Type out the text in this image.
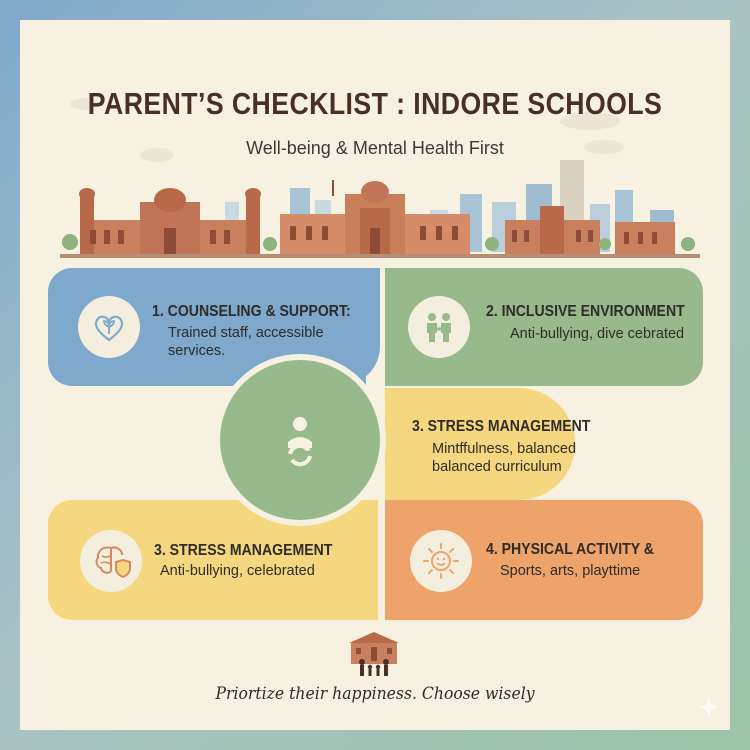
PARENT’S CHECKLIST : INDORE SCHOOLS
Well-being & Mental Health First
1. COUNSELING & SUPPORT:
Trained staff, accessible services.
2. INCLUSIVE ENVIRONMENT
Anti-bullying, dive cebrated
3. STRESS MANAGEMENT
Mintffulness, balanced
balanced curriculum
3. STRESS MANAGEMENT
Anti-bullying, celebrated
4. PHYSICAL ACTIVITY &
Sports, arts, playttime
Priortize their happiness. Choose wisely
